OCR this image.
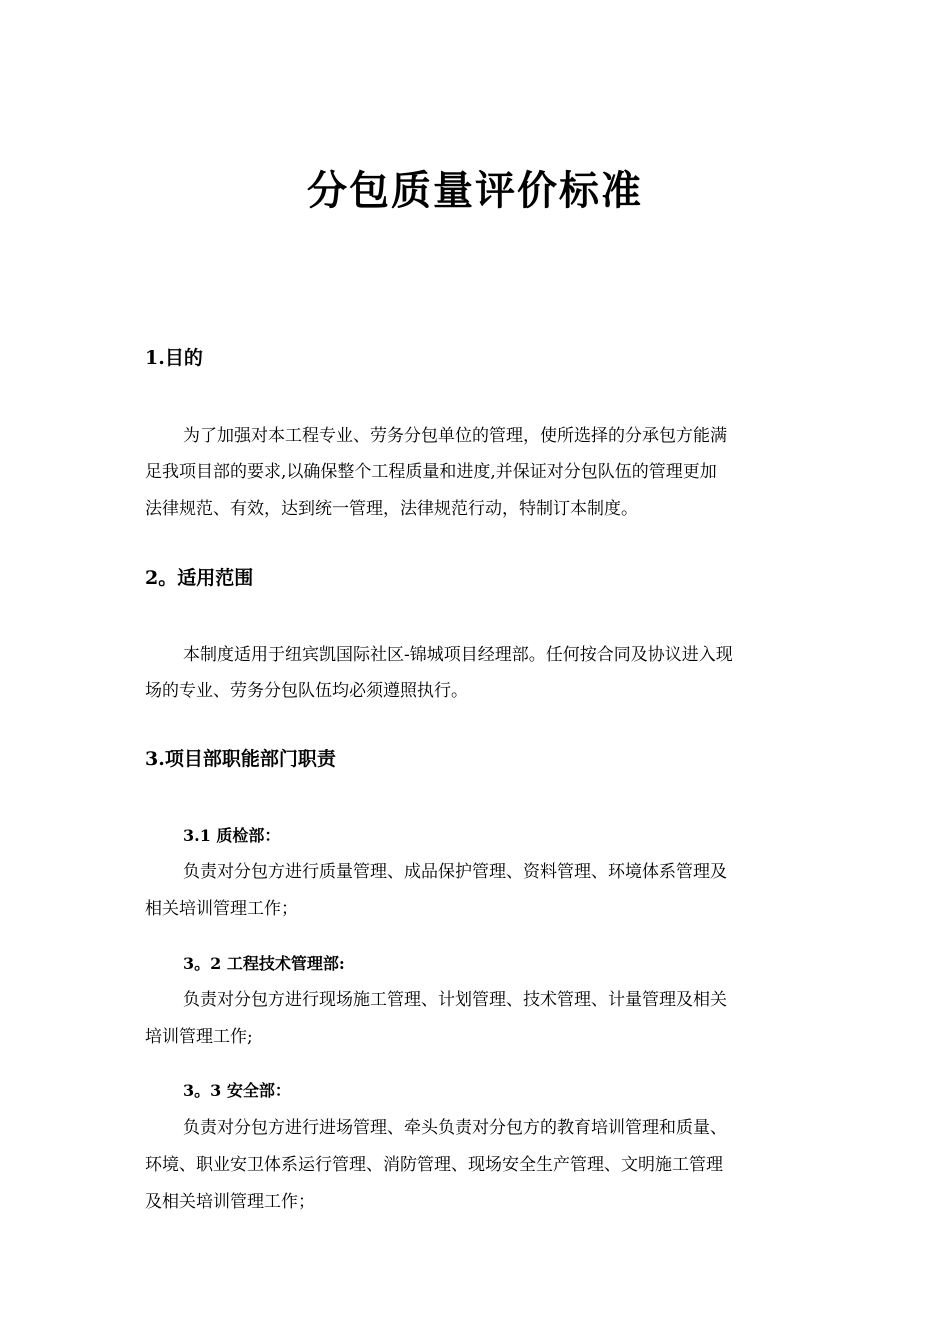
分包质量评价标准
1.目的
为了加强对本工程专业、劳务分包单位的管理，使所选择的分承包方能满
足我项目部的要求,以确保整个工程质量和进度,并保证对分包队伍的管理更加
法律规范、有效，达到统一管理，法律规范行动，特制订本制度。
2。适用范围
本制度适用于纽宾凯国际社区-锦城项目经理部。任何按合同及协议进入现
场的专业、劳务分包队伍均必须遵照执行。
3.项目部职能部门职责
3.1 质检部：
负责对分包方进行质量管理、成品保护管理、资料管理、环境体系管理及
相关培训管理工作；
3。2 工程技术管理部:
负责对分包方进行现场施工管理、计划管理、技术管理、计量管理及相关
培训管理工作;
3。3 安全部：
负责对分包方进行进场管理、牵头负责对分包方的教育培训管理和质量、
环境、职业安卫体系运行管理、消防管理、现场安全生产管理、文明施工管理
及相关培训管理工作；
